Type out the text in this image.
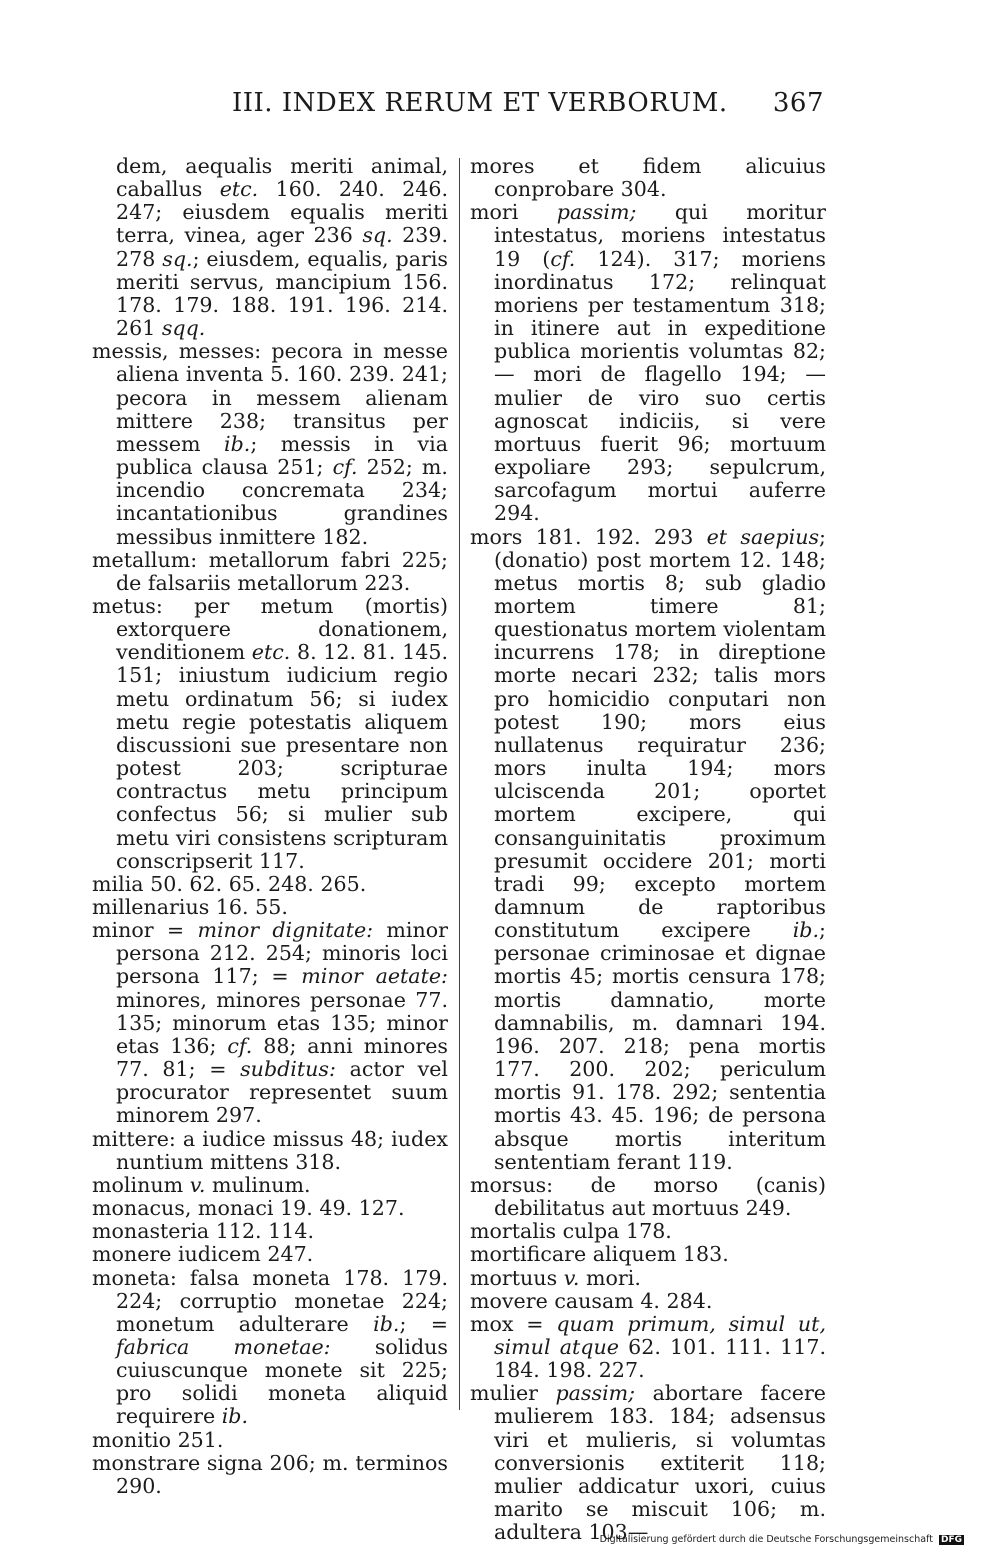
III. INDEX RERUM ET VERBORUM. 367

dem, aequalis meriti animal, caballus etc. 160. 240. 246. 247; eiusdem equalis meriti terra, vinea, ager 236 sq. 239. 278 sq.; eiusdem, equalis, paris meriti servus, mancipium 156. 178. 179. 188. 191. 196. 214. 261 sqq.

messis, messes: pecora in messe aliena inventa 5. 160. 239. 241; pecora in messem alienam mittere 238; transitus per messem ib.; messis in via publica clausa 251; cf. 252; m. incendio concremata 234; incantationibus grandines messibus inmittere 182.

metallum: metallorum fabri 225; de falsariis metallorum 223.

metus: per metum (mortis) extorquere donationem, venditionem etc. 8. 12. 81. 145. 151; iniustum iudicium regio metu ordinatum 56; si iudex metu regie potestatis aliquem discussioni sue presentare non potest 203; scripturae contractus metu principum confectus 56; si mulier sub metu viri consistens scripturam conscripserit 117.

milia 50. 62. 65. 248. 265.

millenarius 16. 55.

minor = minor dignitate: minor persona 212. 254; minoris loci persona 117; = minor aetate: minores, minores personae 77. 135; minorum etas 135; minor etas 136; cf. 88; anni minores 77. 81; = subditus: actor vel procurator representet suum minorem 297.

mittere: a iudice missus 48; iudex nuntium mittens 318.

molinum v. mulinum.

monacus, monaci 19. 49. 127.

monasteria 112. 114.

monere iudicem 247.

moneta: falsa moneta 178. 179. 224; corruptio monetae 224; monetum adulterare ib.; = fabrica monetae: solidus cuiuscunque monete sit 225; pro solidi moneta aliquid requirere ib.

monitio 251.

monstrare signa 206; m. terminos 290.

mores et fidem alicuius conprobare 304.

mori passim; qui moritur intestatus, moriens intestatus 19 (cf. 124). 317; moriens inordinatus 172; relinquat moriens per testamentum 318; in itinere aut in expeditione publica morientis volumtas 82; — mori de flagello 194; — mulier de viro suo certis agnoscat indiciis, si vere mortuus fuerit 96; mortuum expoliare 293; sepulcrum, sarcofagum mortui auferre 294.

mors 181. 192. 293 et saepius; (donatio) post mortem 12. 148; metus mortis 8; sub gladio mortem timere 81; questionatus mortem violentam incurrens 178; in direptione morte necari 232; talis mors pro homicidio conputari non potest 190; mors eius nullatenus requiratur 236; mors inulta 194; mors ulciscenda 201; oportet mortem excipere, qui consanguinitatis proximum presumit occidere 201; morti tradi 99; excepto mortem damnum de raptoribus constitutum excipere ib.; personae criminosae et dignae mortis 45; mortis censura 178; mortis damnatio, morte damnabilis, m. damnari 194. 196. 207. 218; pena mortis 177. 200. 202; periculum mortis 91. 178. 292; sententia mortis 43. 45. 196; de persona absque mortis interitum sententiam ferant 119.

morsus: de morso (canis) debilitatus aut mortuus 249.

mortalis culpa 178.

mortificare aliquem 183.

mortuus v. mori.

movere causam 4. 284.

mox = quam primum, simul ut, simul atque 62. 101. 111. 117. 184. 198. 227.

mulier passim; abortare facere mulierem 183. 184; adsensus viri et mulieris, si volumtas conversionis extiterit 118; mulier addicatur uxori, cuius marito se miscuit 106; m. adultera 103—

Digitalisierung gefördert durch die Deutsche Forschungsgemeinschaft DFG
